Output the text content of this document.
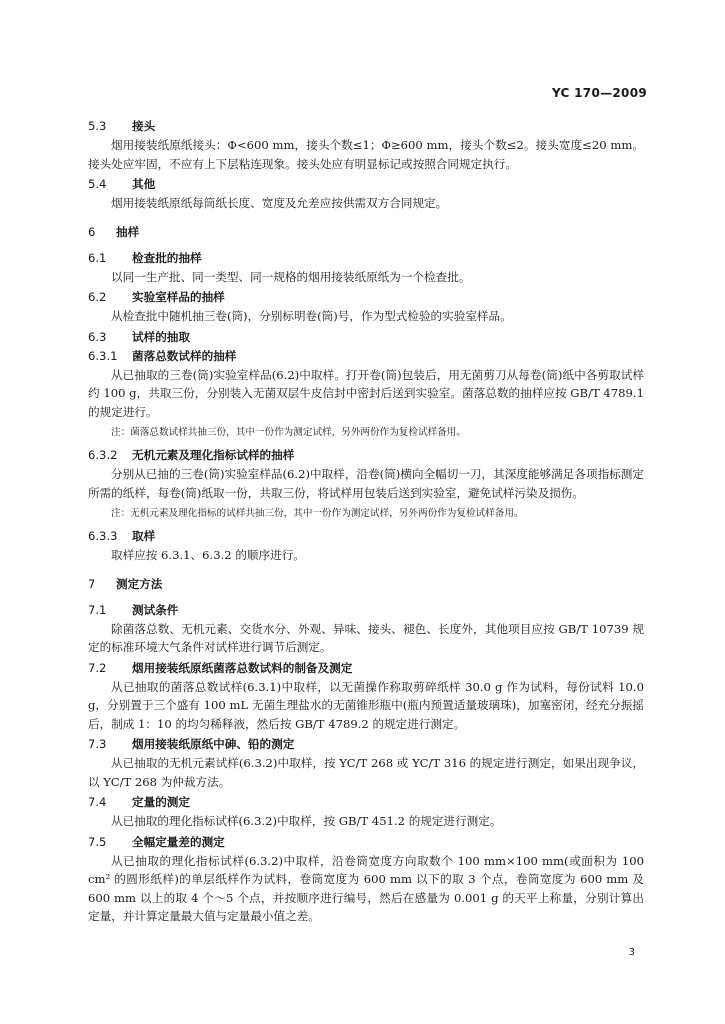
YC 170—2009
5.3 接头
烟用接装纸原纸接头：Φ<600 mm，接头个数≤1；Φ≥600 mm，接头个数≤2。接头宽度≤20 mm。接头处应牢固，不应有上下层粘连现象。接头处应有明显标记或按照合同规定执行。
5.4 其他
烟用接装纸原纸每筒纸长度、宽度及允差应按供需双方合同规定。
6 抽样
6.1 检查批的抽样
以同一生产批、同一类型、同一规格的烟用接装纸原纸为一个检查批。
6.2 实验室样品的抽样
从检查批中随机抽三卷(筒)，分别标明卷(筒)号，作为型式检验的实验室样品。
6.3 试样的抽取
6.3.1 菌落总数试样的抽样
从已抽取的三卷(筒)实验室样品(6.2)中取样。打开卷(筒)包装后，用无菌剪刀从每卷(筒)纸中各剪取试样约 100 g，共取三份，分别装入无菌双层牛皮信封中密封后送到实验室。菌落总数的抽样应按 GB/T 4789.1 的规定进行。
注：菌落总数试样共抽三份，其中一份作为测定试样，另外两份作为复检试样备用。
6.3.2 无机元素及理化指标试样的抽样
分别从已抽的三卷(筒)实验室样品(6.2)中取样，沿卷(筒)横向全幅切一刀，其深度能够满足各项指标测定所需的纸样，每卷(筒)纸取一份，共取三份，将试样用包装后送到实验室，避免试样污染及损伤。
注：无机元素及理化指标的试样共抽三份，其中一份作为测定试样，另外两份作为复检试样备用。
6.3.3 取样
取样应按 6.3.1、6.3.2 的顺序进行。
7 测定方法
7.1 测试条件
除菌落总数、无机元素、交货水分、外观、异味、接头、褪色、长度外，其他项目应按 GB/T 10739 规定的标准环境大气条件对试样进行调节后测定。
7.2 烟用接装纸原纸菌落总数试料的制备及测定
从已抽取的菌落总数试样(6.3.1)中取样，以无菌操作称取剪碎纸样 30.0 g 作为试料，每份试料 10.0 g，分别置于三个盛有 100 mL 无菌生理盐水的无菌锥形瓶中(瓶内预置适量玻璃珠)，加塞密闭，经充分振摇后，制成 1：10 的均匀稀释液，然后按 GB/T 4789.2 的规定进行测定。
7.3 烟用接装纸原纸中砷、铅的测定
从已抽取的无机元素试样(6.3.2)中取样，按 YC/T 268 或 YC/T 316 的规定进行测定，如果出现争议，以 YC/T 268 为仲裁方法。
7.4 定量的测定
从已抽取的理化指标试样(6.3.2)中取样，按 GB/T 451.2 的规定进行测定。
7.5 全幅定量差的测定
从已抽取的理化指标试样(6.3.2)中取样，沿卷筒宽度方向取数个 100 mm×100 mm(或面积为 100 cm² 的圆形纸样)的单层纸样作为试料，卷筒宽度为 600 mm 以下的取 3 个点，卷筒宽度为 600 mm 及 600 mm 以上的取 4 个～5 个点，并按顺序进行编号，然后在感量为 0.001 g 的天平上称量，分别计算出定量，并计算定量最大值与定量最小值之差。
3
